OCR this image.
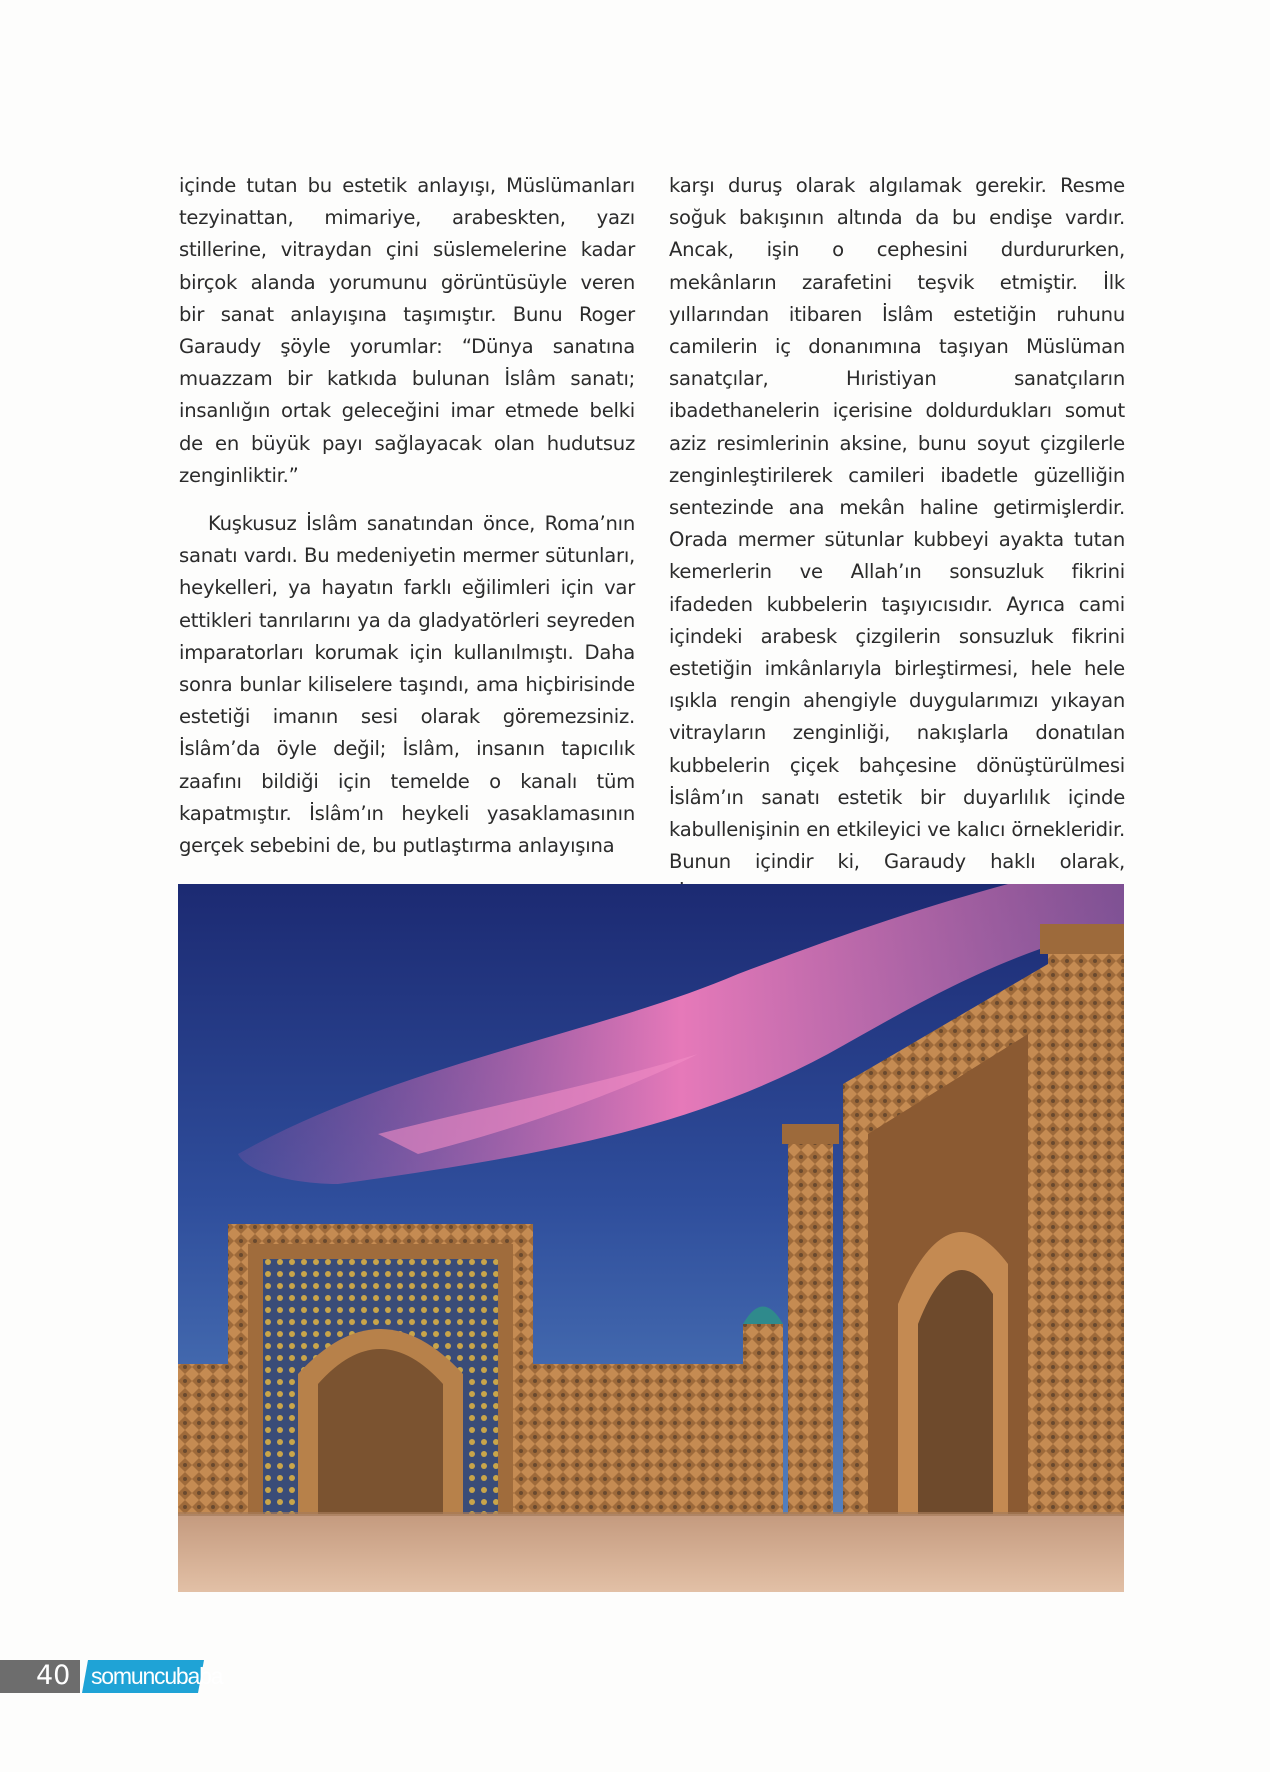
içinde tutan bu estetik anlayışı, Müslümanları tezyinattan, mimariye, arabeskten, yazı stillerine, vitraydan çini süslemelerine kadar birçok alanda yorumunu görüntüsüyle veren bir sanat anlayışına taşımıştır. Bunu Roger Garaudy şöyle yorumlar: “Dünya sanatına muazzam bir katkıda bulunan İslâm sanatı; insanlığın ortak geleceğini imar etmede belki de en büyük payı sağlayacak olan hudutsuz zenginliktir.”

Kuşkusuz İslâm sanatından önce, Roma’nın sanatı vardı. Bu medeniyetin mermer sütunları, heykelleri, ya hayatın farklı eğilimleri için var ettikleri tanrılarını ya da gladyatörleri seyreden imparatorları korumak için kullanılmıştı. Daha sonra bunlar kiliselere taşındı, ama hiçbirisinde estetiği imanın sesi olarak göremezsiniz. İslâm’da öyle değil; İslâm, insanın tapıcılık zaafını bildiği için temelde o kanalı tüm kapatmıştır. İslâm’ın heykeli yasaklamasının gerçek sebebini de, bu putlaştırma anlayışına

karşı duruş olarak algılamak gerekir. Resme soğuk bakışının altında da bu endişe vardır. Ancak, işin o cephesini durdururken, mekânların zarafetini teşvik etmiştir. İlk yıllarından itibaren İslâm estetiğin ruhunu camilerin iç donanımına taşıyan Müslüman sanatçılar, Hıristiyan sanatçıların ibadethanelerin içerisine doldurdukları somut aziz resimlerinin aksine, bunu soyut çizgilerle zenginleştirilerek camileri ibadetle güzelliğin sentezinde ana mekân haline getirmişlerdir. Orada mermer sütunlar kubbeyi ayakta tutan kemerlerin ve Allah’ın sonsuzluk fikrini ifadeden kubbelerin taşıyıcısıdır. Ayrıca cami içindeki arabesk çizgilerin sonsuzluk fikrini estetiğin imkânlarıyla birleştirmesi, hele hele ışıkla rengin ahengiyle duygularımızı yıkayan vitrayların zenginliği, nakışlarla donatılan kubbelerin çiçek bahçesine dönüştürülmesi İslâm’ın sanatı estetik bir duyarlılık içinde kabullenişinin en etkileyici ve kalıcı örnekleridir. Bunun içindir ki, Garaudy haklı olarak,

40 somuncubaba
